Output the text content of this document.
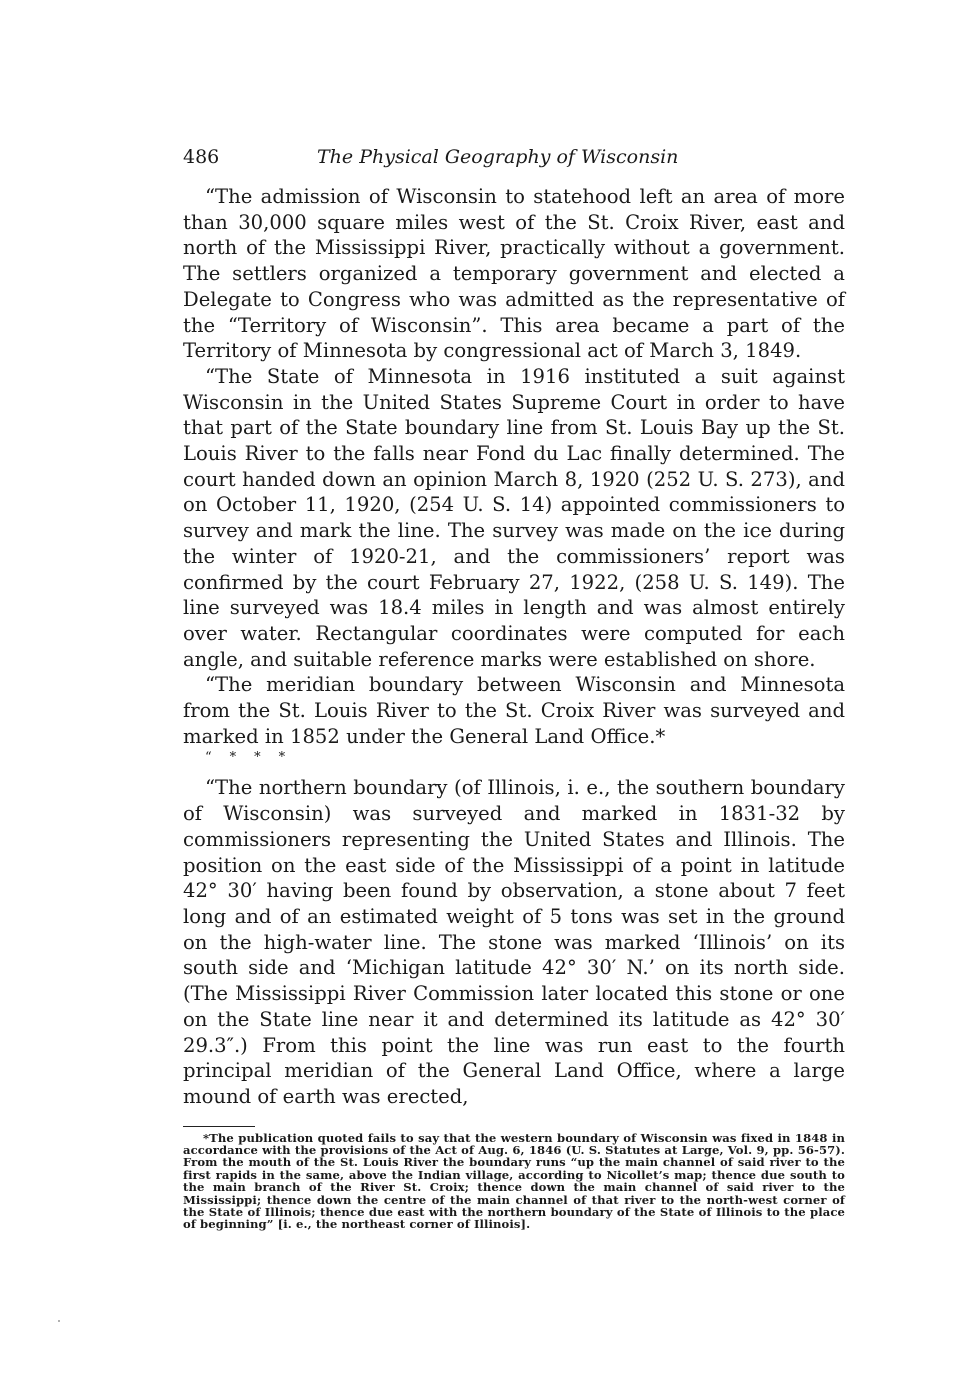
486	The Physical Geography of Wisconsin

“The admission of Wisconsin to statehood left an area of more than 30,000 square miles west of the St. Croix River, east and north of the Mississippi River, practically without a government. The settlers organized a temporary government and elected a Delegate to Congress who was admitted as the representative of the “Territory of Wisconsin”. This area became a part of the Territory of Minnesota by congressional act of March 3, 1849.

“The State of Minnesota in 1916 instituted a suit against Wisconsin in the United States Supreme Court in order to have that part of the State boundary line from St. Louis Bay up the St. Louis River to the falls near Fond du Lac finally determined. The court handed down an opinion March 8, 1920 (252 U. S. 273), and on October 11, 1920, (254 U. S. 14) appointed commissioners to survey and mark the line. The survey was made on the ice during the winter of 1920-21, and the commissioners’ report was confirmed by the court February 27, 1922, (258 U. S. 149). The line surveyed was 18.4 miles in length and was almost entirely over water. Rectangular coordinates were computed for each angle, and suitable reference marks were established on shore.

“The meridian boundary between Wisconsin and Minnesota from the St. Louis River to the St. Croix River was surveyed and marked in 1852 under the General Land Office.*

“ * * *

“The northern boundary (of Illinois, i. e., the southern boundary of Wisconsin) was surveyed and marked in 1831-32 by commissioners representing the United States and Illinois. The position on the east side of the Mississippi of a point in latitude 42° 30′ having been found by observation, a stone about 7 feet long and of an estimated weight of 5 tons was set in the ground on the high-water line. The stone was marked ‘Illinois’ on its south side and ‘Michigan latitude 42° 30′ N.’ on its north side. (The Mississippi River Commission later located this stone or one on the State line near it and determined its latitude as 42° 30′ 29.3″.) From this point the line was run east to the fourth principal meridian of the General Land Office, where a large mound of earth was erected,

*The publication quoted fails to say that the western boundary of Wisconsin was fixed in 1848 in accordance with the provisions of the Act of Aug. 6, 1846 (U. S. Statutes at Large, Vol. 9, pp. 56-57). From the mouth of the St. Louis River the boundary runs “up the main channel of said river to the first rapids in the same, above the Indian village, according to Nicollet’s map; thence due south to the main branch of the River St. Croix; thence down the main channel of said river to the Mississippi; thence down the centre of the main channel of that river to the north-west corner of the State of Illinois; thence due east with the northern boundary of the State of Illinois to the place of beginning” [i. e., the northeast corner of Illinois].
